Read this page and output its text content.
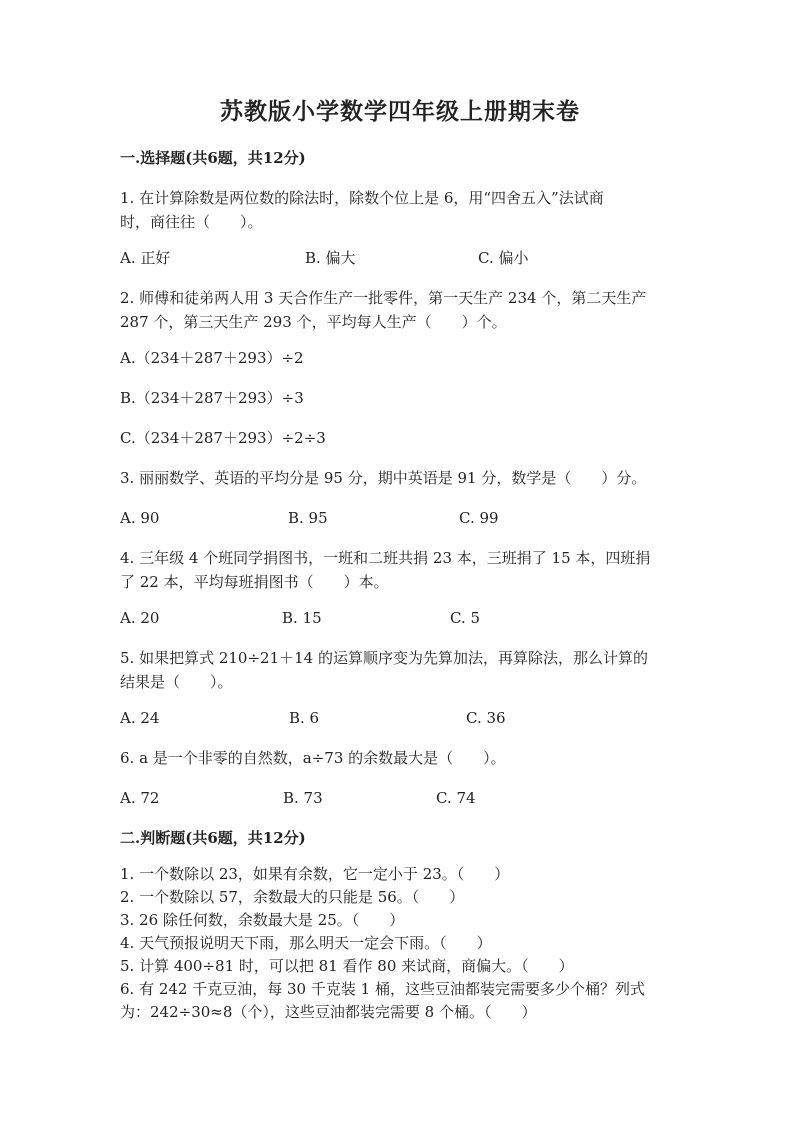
苏教版小学数学四年级上册期末卷
一.选择题(共6题，共12分)
1. 在计算除数是两位数的除法时，除数个位上是 6，用“四舍五入”法试商
时，商往往（　　）。
A. 正好	B. 偏大	C. 偏小
2. 师傅和徒弟两人用 3 天合作生产一批零件，第一天生产 234 个，第二天生产
287 个，第三天生产 293 个，平均每人生产（　　）个。
A.（234＋287＋293）÷2
B.（234＋287＋293）÷3
C.（234＋287＋293）÷2÷3
3. 丽丽数学、英语的平均分是 95 分，期中英语是 91 分，数学是（　　）分。
A. 90	B. 95	C. 99
4. 三年级 4 个班同学捐图书，一班和二班共捐 23 本，三班捐了 15 本，四班捐
了 22 本，平均每班捐图书（　　）本。
A. 20	B. 15	C. 5
5. 如果把算式 210÷21＋14 的运算顺序变为先算加法，再算除法，那么计算的
结果是（　　）。
A. 24	B. 6	C. 36
6. a 是一个非零的自然数，a÷73 的余数最大是（　　）。
A. 72	B. 73	C. 74
二.判断题(共6题，共12分)
1. 一个数除以 23，如果有余数，它一定小于 23。（　　）
2. 一个数除以 57，余数最大的只能是 56。（　　）
3. 26 除任何数，余数最大是 25。（　　）
4. 天气预报说明天下雨，那么明天一定会下雨。（　　）
5. 计算 400÷81 时，可以把 81 看作 80 来试商，商偏大。（　　）
6. 有 242 千克豆油，每 30 千克装 1 桶，这些豆油都装完需要多少个桶？列式
为：242÷30≈8（个），这些豆油都装完需要 8 个桶。（　　）
